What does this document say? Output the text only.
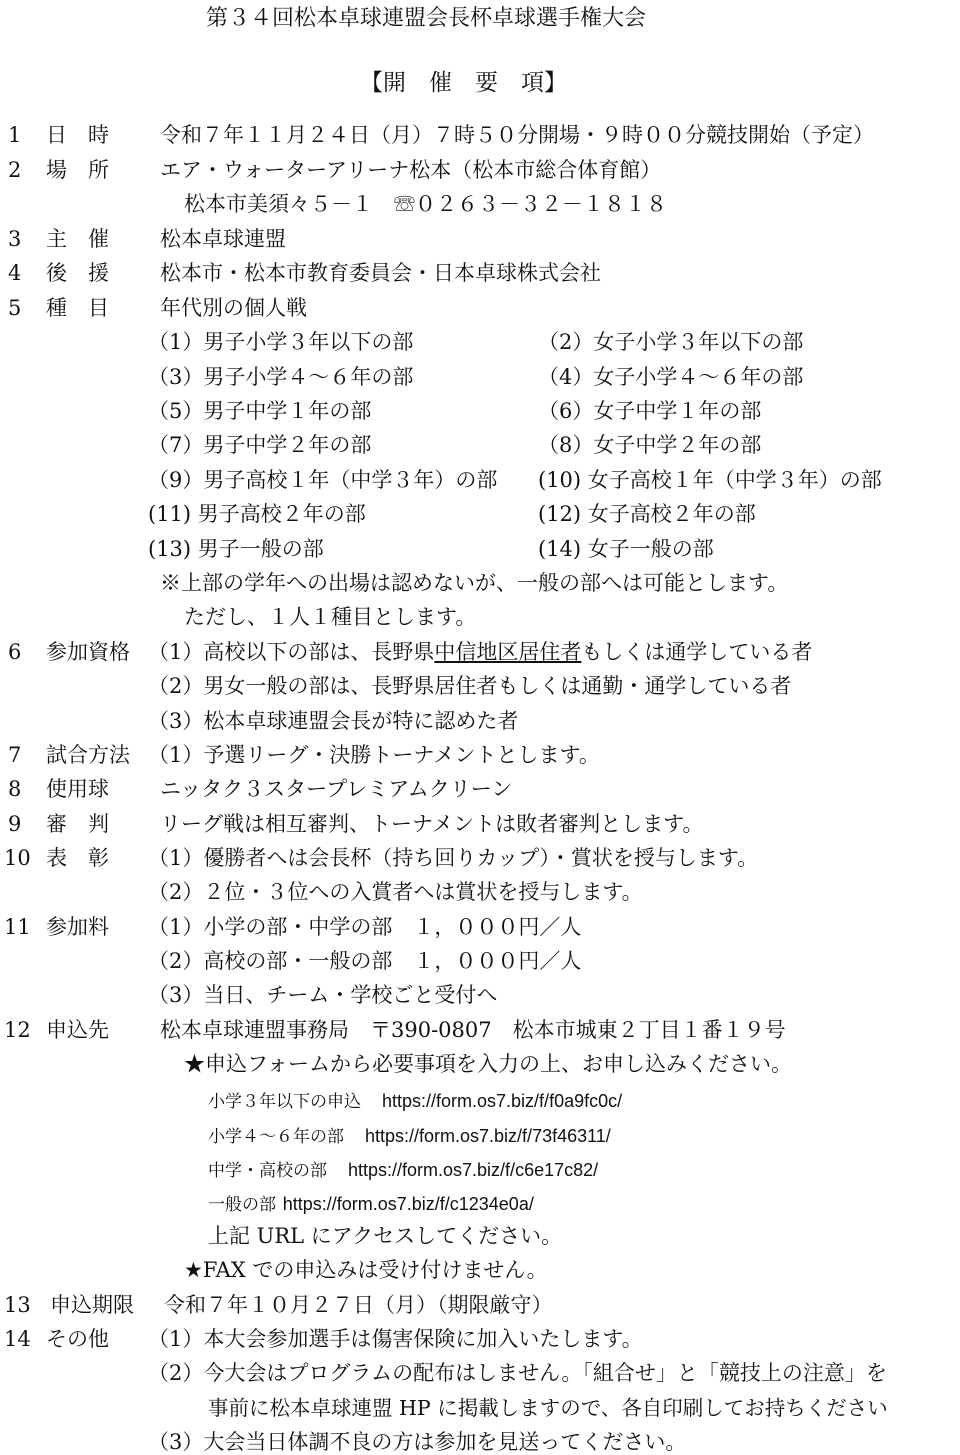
第３４回松本卓球連盟会長杯卓球選手権大会
【開　催　要　項】
1 日　時 令和７年１１月２４日（月）７時５０分開場・９時００分競技開始（予定）
2 場　所 エア・ウォーターアリーナ松本（松本市総合体育館）
松本市美須々５－１　☏０２６３－３２－１８１８
3 主　催 松本卓球連盟
4 後　援 松本市・松本市教育委員会・日本卓球株式会社
5 種　目 年代別の個人戦
（1）男子小学３年以下の部	（2）女子小学３年以下の部
（3）男子小学４～６年の部	（4）女子小学４～６年の部
（5）男子中学１年の部	（6）女子中学１年の部
（7）男子中学２年の部	（8）女子中学２年の部
（9）男子高校１年（中学３年）の部 (10) 女子高校１年（中学３年）の部
(11) 男子高校２年の部	(12) 女子高校２年の部
(13) 男子一般の部	(14) 女子一般の部
※上部の学年への出場は認めないが、一般の部へは可能とします。
ただし、１人１種目とします。
6 参加資格 （1）高校以下の部は、長野県中信地区居住者もしくは通学している者
（2）男女一般の部は、長野県居住者もしくは通勤・通学している者
（3）松本卓球連盟会長が特に認めた者
7 試合方法 （1）予選リーグ・決勝トーナメントとします。
8 使用球 ニッタク３スタープレミアムクリーン
9 審　判 リーグ戦は相互審判、トーナメントは敗者審判とします。
10 表　彰 （1）優勝者へは会長杯（持ち回りカップ）・賞状を授与します。
（2）２位・３位への入賞者へは賞状を授与します。
11 参加料 （1）小学の部・中学の部　１，０００円／人
（2）高校の部・一般の部　１，０００円／人
（3）当日、チーム・学校ごと受付へ
12 申込先 松本卓球連盟事務局　〒390-0807　松本市城東２丁目１番１９号
★申込フォームから必要事項を入力の上、お申し込みください。
小学３年以下の申込　 https://form.os7.biz/f/f0a9fc0c/
小学４～６年の部　 https://form.os7.biz/f/73f46311/
中学・高校の部　 https://form.os7.biz/f/c6e17c82/
一般の部 https://form.os7.biz/f/c1234e0a/
上記 URL にアクセスしてください。
★FAX での申込みは受け付けません。
13 申込期限 令和７年１０月２７日（月）（期限厳守）
14 その他 （1）本大会参加選手は傷害保険に加入いたします。
（2）今大会はプログラムの配布はしません。「組合せ」と「競技上の注意」を
事前に松本卓球連盟 HP に掲載しますので、各自印刷してお持ちください
（3）大会当日体調不良の方は参加を見送ってください。
